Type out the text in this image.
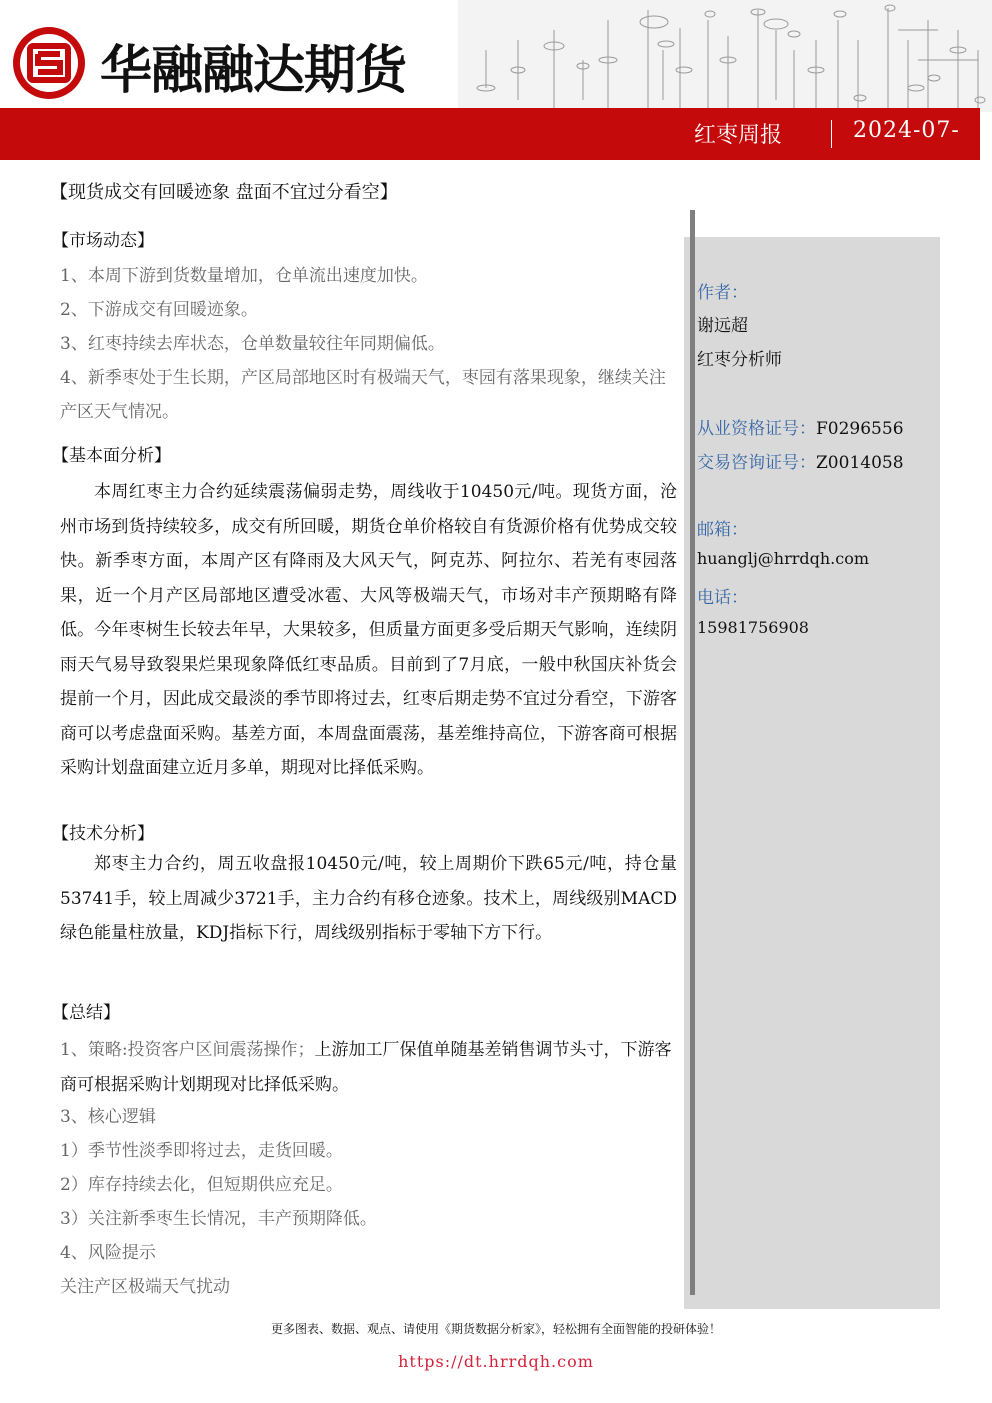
华融融达期货
红枣周报	2024-07-
【现货成交有回暖迹象 盘面不宜过分看空】
【市场动态】
1、本周下游到货数量增加，仓单流出速度加快。
2、下游成交有回暖迹象。
3、红枣持续去库状态，仓单数量较往年同期偏低。
4、新季枣处于生长期，产区局部地区时有极端天气，枣园有落果现象，继续关注产区天气情况。
【基本面分析】
本周红枣主力合约延续震荡偏弱走势，周线收于10450元/吨。现货方面，沧州市场到货持续较多，成交有所回暖，期货仓单价格较自有货源价格有优势成交较快。新季枣方面，本周产区有降雨及大风天气，阿克苏、阿拉尔、若羌有枣园落果，近一个月产区局部地区遭受冰雹、大风等极端天气，市场对丰产预期略有降低。今年枣树生长较去年早，大果较多，但质量方面更多受后期天气影响，连续阴雨天气易导致裂果烂果现象降低红枣品质。目前到了7月底，一般中秋国庆补货会提前一个月，因此成交最淡的季节即将过去，红枣后期走势不宜过分看空，下游客商可以考虑盘面采购。基差方面，本周盘面震荡，基差维持高位，下游客商可根据采购计划盘面建立近月多单，期现对比择低采购。
【技术分析】
郑枣主力合约，周五收盘报10450元/吨，较上周期价下跌65元/吨，持仓量53741手，较上周减少3721手，主力合约有移仓迹象。技术上，周线级别MACD绿色能量柱放量，KDJ指标下行，周线级别指标于零轴下方下行。
【总结】
1、策略:投资客户区间震荡操作；上游加工厂保值单随基差销售调节头寸，下游客商可根据采购计划期现对比择低采购。
3、核心逻辑
1）季节性淡季即将过去，走货回暖。
2）库存持续去化，但短期供应充足。
3）关注新季枣生长情况，丰产预期降低。
4、风险提示
关注产区极端天气扰动
作者：
谢远超
红枣分析师
从业资格证号：F0296556
交易咨询证号：Z0014058
邮箱：
huanglj@hrrdqh.com
电话：
15981756908
更多图表、数据、观点、请使用《期货数据分析家》，轻松拥有全面智能的投研体验！
https://dt.hrrdqh.com
